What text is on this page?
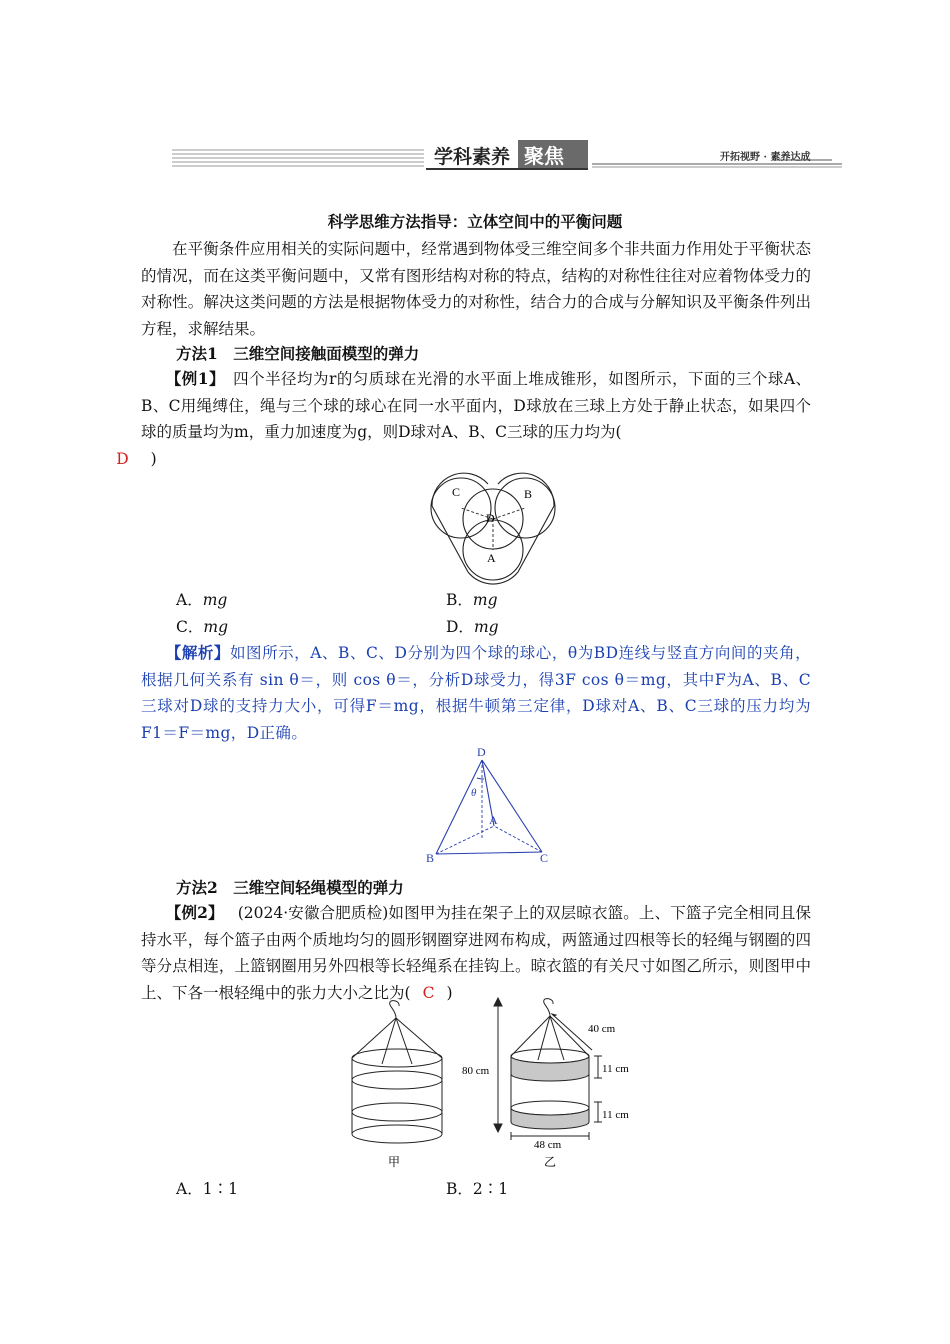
学科素养 聚焦	开拓视野 · 素养达成
科学思维方法指导：立体空间中的平衡问题
在平衡条件应用相关的实际问题中，经常遇到物体受三维空间多个非共面力作用处于平衡状态的情况，而在这类平衡问题中，又常有图形结构对称的特点，结构的对称性往往对应着物体受力的对称性。解决这类问题的方法是根据物体受力的对称性，结合力的合成与分解知识及平衡条件列出方程，求解结果。
方法1　三维空间接触面模型的弹力
【例1】　四个半径均为r的匀质球在光滑的水平面上堆成锥形，如图所示，下面的三个球A、B、C用绳缚住，绳与三个球的球心在同一水平面内，D球放在三球上方处于静止状态，如果四个球的质量均为m，重力加速度为g，则D球对A、B、C三球的压力均为(
D )
C	B
D
A
A．mg	B．mg
C．mg	D．mg
【解析】如图所示，A、B、C、D分别为四个球的球心，θ为BD连线与竖直方向间的夹角，根据几何关系有 sin θ＝，则 cos θ＝，分析D球受力，得3F cos θ＝mg，其中F为A、B、C三球对D球的支持力大小，可得F＝mg，根据牛顿第三定律，D球对A、B、C三球的压力均为F1＝F＝mg，D正确。
D
θ
A
B	C
方法2　三维空间轻绳模型的弹力
【例2】 (2024·安徽合肥质检)如图甲为挂在架子上的双层晾衣篮。上、下篮子完全相同且保持水平，每个篮子由两个质地均匀的圆形钢圈穿进网布构成，两篮通过四根等长的轻绳与钢圈的四等分点相连，上篮钢圈用另外四根等长轻绳系在挂钩上。晾衣篮的有关尺寸如图乙所示，则图甲中上、下各一根轻绳中的张力大小之比为( C )
甲
80 cm
40 cm
11 cm
11 cm
48 cm
乙
A．1∶1	B．2∶1
